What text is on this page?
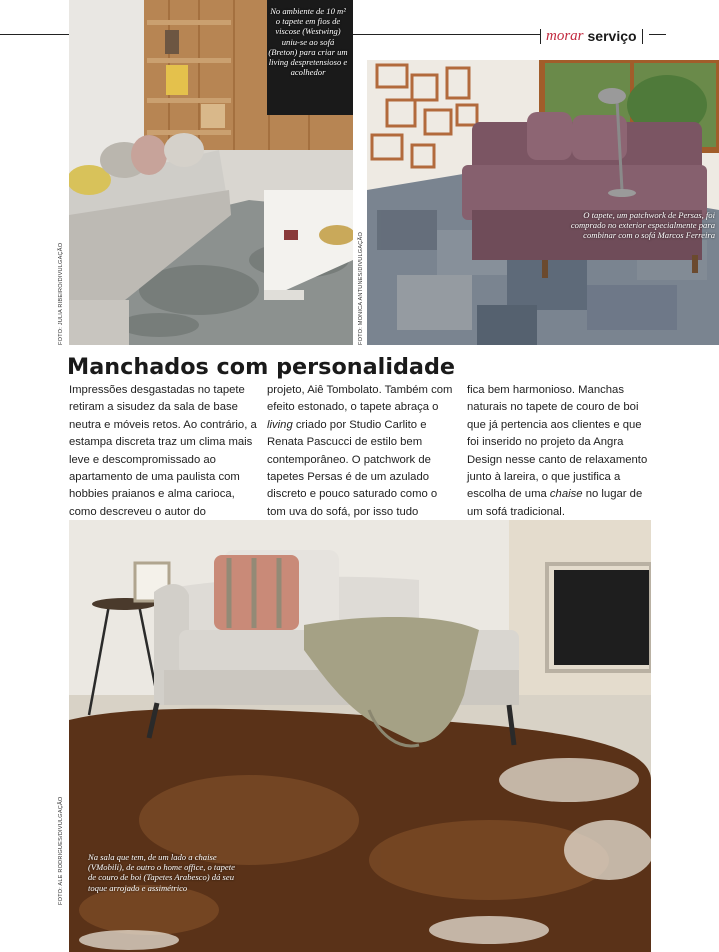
No ambiente de 10 m² o tapete em fios de viscose (Westwing) uniu-se ao sofá (Breton) para criar um living despretensioso e acolhedor
FOTO: JULIA RIBEIRO/DIVULGAÇÃO
morar serviço
O tapete, um patchwork de Persas, foi comprado no exterior especialmente para combinar com o sofá Marcos Ferreira
FOTO: MONICA ANTUNES/DIVULGAÇÃO
Manchados com personalidade
Impressões desgastadas no tapete retiram a sisudez da sala de base neutra e móveis retos. Ao contrário, a estampa discreta traz um clima mais leve e descompromissado ao apartamento de uma paulista com hobbies praianos e alma carioca, como descreveu o autor do
projeto, Aiê Tombolato. Também com efeito estonado, o tapete abraça o living criado por Studio Carlito e Renata Pascucci de estilo bem contemporâneo. O patchwork de tapetes Persas é de um azulado discreto e pouco saturado como o tom uva do sofá, por isso tudo
fica bem harmonioso. Manchas naturais no tapete de couro de boi que já pertencia aos clientes e que foi inserido no projeto da Angra Design nesse canto de relaxamento junto à lareira, o que justifica a escolha de uma chaise no lugar de um sofá tradicional.
Na sala que tem, de um lado a chaise (VMobili), de outro o home office, o tapete de couro de boi (Tapetes Arabesco) dá seu toque arrojado e assimétrico
FOTO: ALE RODRIGUES/DIVULGAÇÃO
